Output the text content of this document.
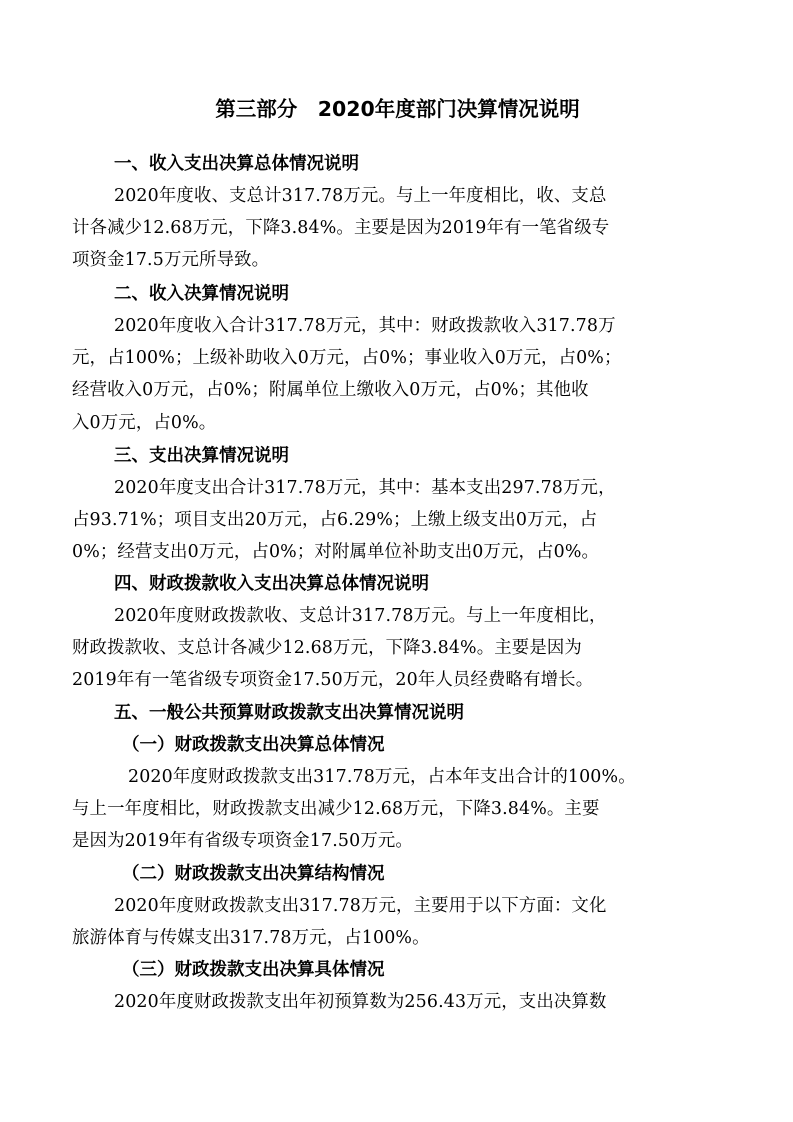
第三部分　2020年度部门决算情况说明
一、收入支出决算总体情况说明
2020年度收、支总计317.78万元。与上一年度相比，收、支总
计各减少12.68万元，下降3.84%。主要是因为2019年有一笔省级专
项资金17.5万元所导致。
二、收入决算情况说明
2020年度收入合计317.78万元，其中：财政拨款收入317.78万
元，占100%；上级补助收入0万元，占0%；事业收入0万元，占0%；
经营收入0万元，占0%；附属单位上缴收入0万元，占0%；其他收
入0万元，占0%。
三、支出决算情况说明
2020年度支出合计317.78万元，其中：基本支出297.78万元，
占93.71%；项目支出20万元，占6.29%；上缴上级支出0万元，占
0%；经营支出0万元，占0%；对附属单位补助支出0万元，占0%。
四、财政拨款收入支出决算总体情况说明
2020年度财政拨款收、支总计317.78万元。与上一年度相比，
财政拨款收、支总计各减少12.68万元，下降3.84%。主要是因为
2019年有一笔省级专项资金17.50万元，20年人员经费略有增长。
五、一般公共预算财政拨款支出决算情况说明
（一）财政拨款支出决算总体情况
2020年度财政拨款支出317.78万元，占本年支出合计的100%。
与上一年度相比，财政拨款支出减少12.68万元，下降3.84%。主要
是因为2019年有省级专项资金17.50万元。
（二）财政拨款支出决算结构情况
2020年度财政拨款支出317.78万元，主要用于以下方面：文化
旅游体育与传媒支出317.78万元，占100%。
（三）财政拨款支出决算具体情况
2020年度财政拨款支出年初预算数为256.43万元，支出决算数
